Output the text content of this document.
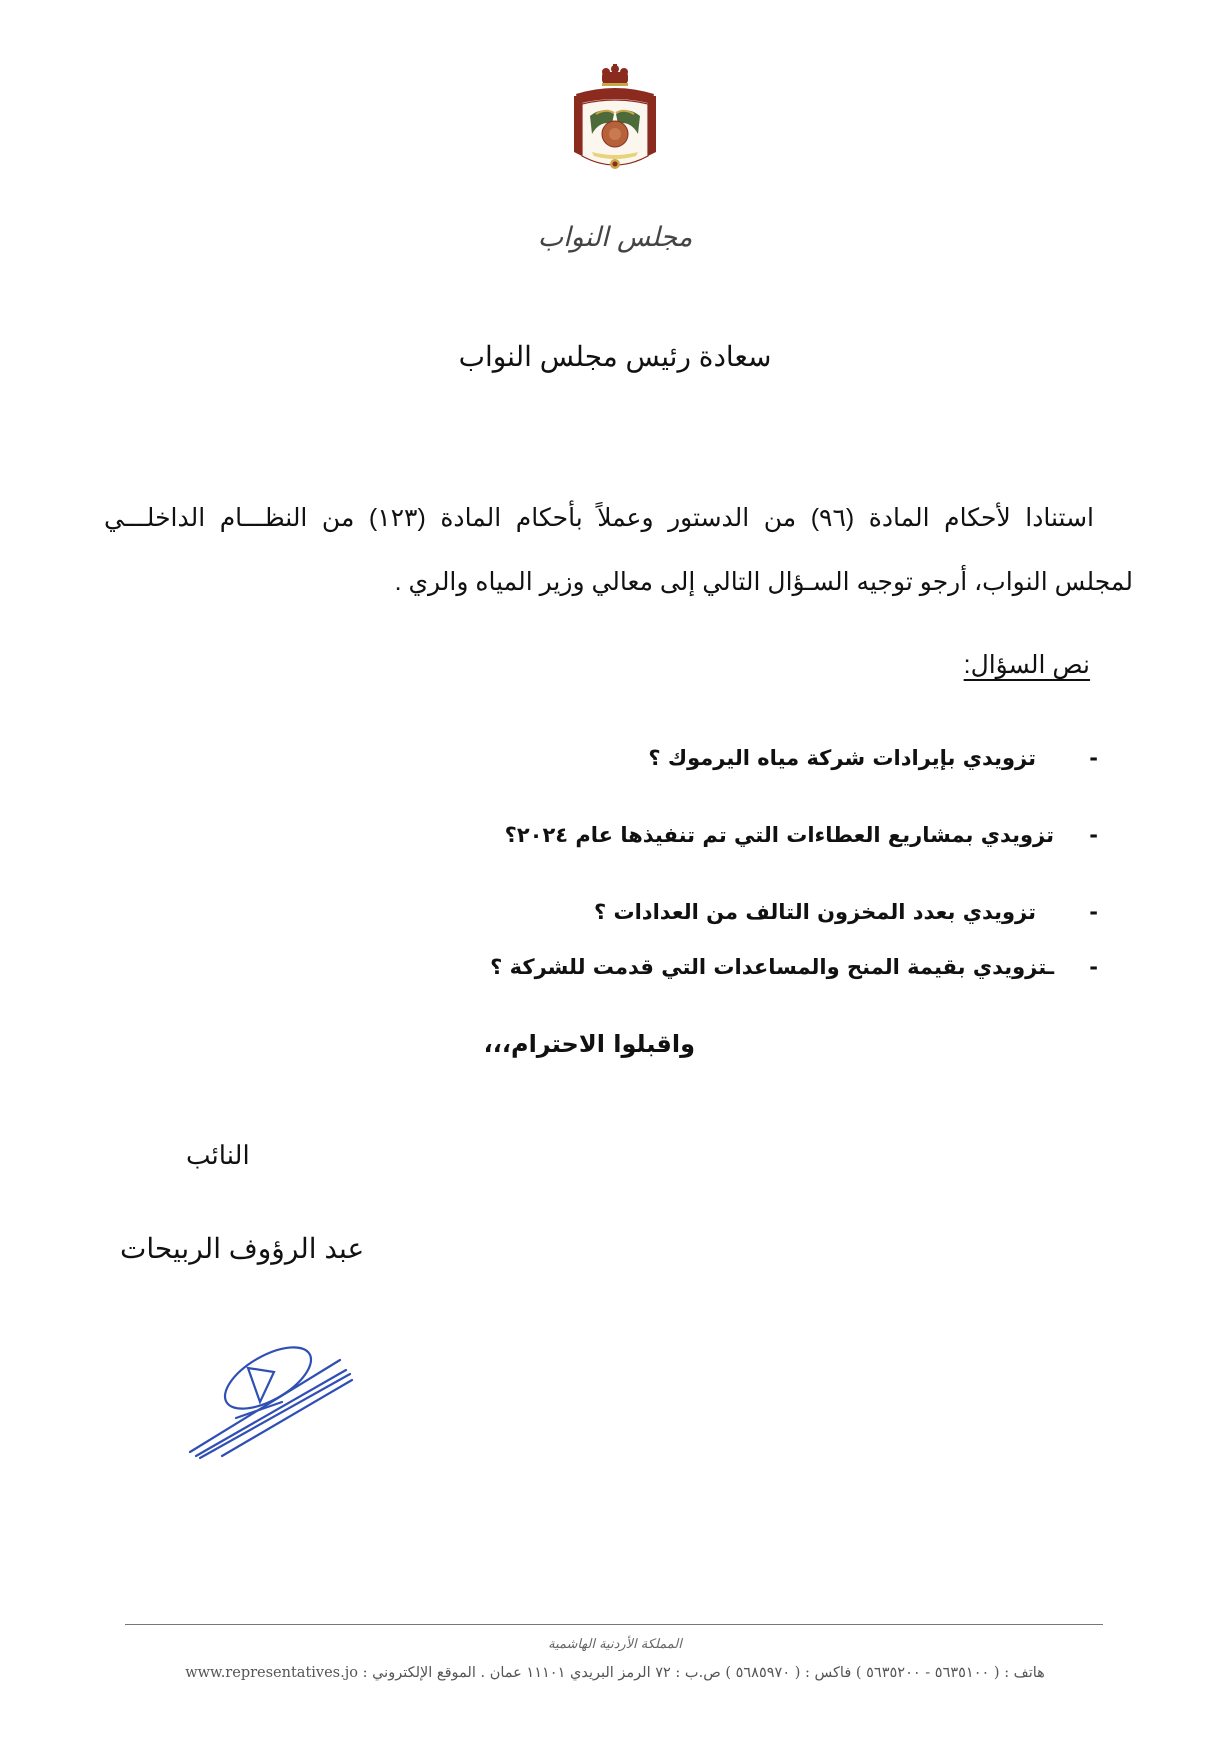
مجلس النواب
سعادة رئيس مجلس النواب
استنادا لأحكام المادة (٩٦) من الدستور وعملاً بأحكام المادة (١٢٣) من النظـــام الداخلـــي
لمجلس النواب، أرجو توجيه السـؤال التالي إلى معالي وزير المياه والري .
نص السؤال:
-
تزويدي بإيرادات شركة مياه اليرموك ؟
-
تزويدي بمشاريع العطاءات التي تم تنفيذها عام ٢٠٢٤؟
-
تزويدي بعدد المخزون التالف من العدادات ؟
-
ـتزويدي بقيمة المنح والمساعدات التي قدمت للشركة ؟
واقبلوا الاحترام،،،
النائب
عبد الرؤوف الربيحات
المملكة الأردنية الهاشمية
هاتف : ( ٥٦٣٥١٠٠ - ٥٦٣٥٢٠٠ ) فاكس : ( ٥٦٨٥٩٧٠ ) ص.ب : ٧٢ الرمز البريدي ١١١٠١ عمان . الموقع الإلكتروني : www.representatives.jo
